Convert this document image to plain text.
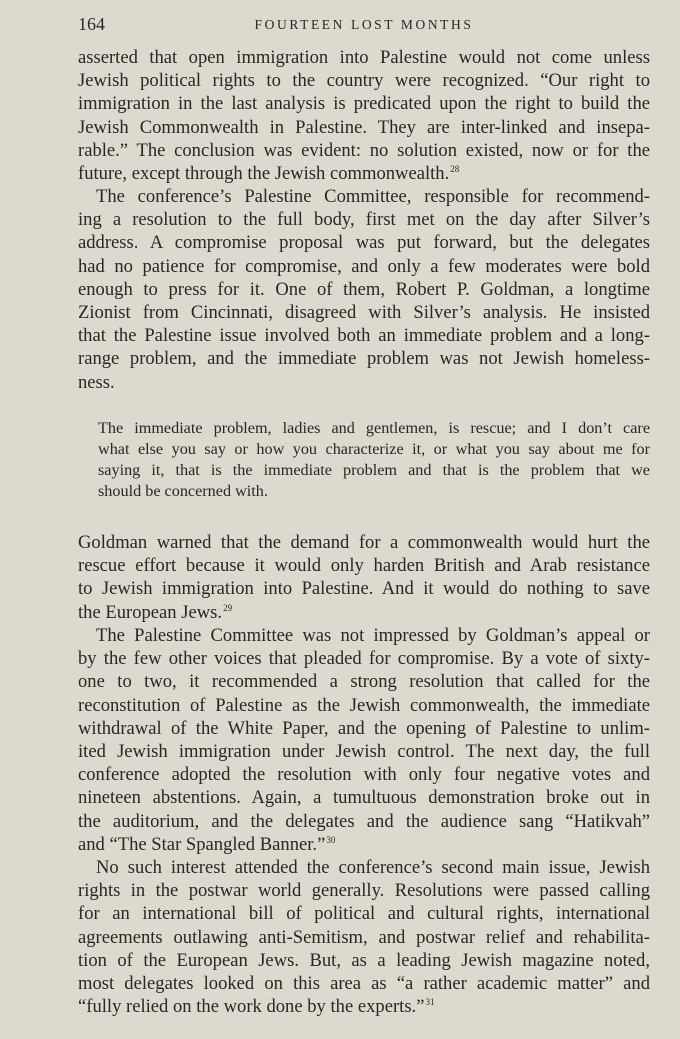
164	FOURTEEN LOST MONTHS
asserted that open immigration into Palestine would not come unless
Jewish political rights to the country were recognized. “Our right to
immigration in the last analysis is predicated upon the right to build the
Jewish Commonwealth in Palestine. They are inter-linked and insepa-
rable.” The conclusion was evident: no solution existed, now or for the
future, except through the Jewish commonwealth.$^{28}$
The conference’s Palestine Committee, responsible for recommend-
ing a resolution to the full body, first met on the day after Silver’s
address. A compromise proposal was put forward, but the delegates
had no patience for compromise, and only a few moderates were bold
enough to press for it. One of them, Robert P. Goldman, a longtime
Zionist from Cincinnati, disagreed with Silver’s analysis. He insisted
that the Palestine issue involved both an immediate problem and a long-
range problem, and the immediate problem was not Jewish homeless-
ness.
The immediate problem, ladies and gentlemen, is rescue; and I don’t care
what else you say or how you characterize it, or what you say about me for
saying it, that is the immediate problem and that is the problem that we
should be concerned with.
Goldman warned that the demand for a commonwealth would hurt the
rescue effort because it would only harden British and Arab resistance
to Jewish immigration into Palestine. And it would do nothing to save
the European Jews.$^{29}$
The Palestine Committee was not impressed by Goldman’s appeal or
by the few other voices that pleaded for compromise. By a vote of sixty-
one to two, it recommended a strong resolution that called for the
reconstitution of Palestine as the Jewish commonwealth, the immediate
withdrawal of the White Paper, and the opening of Palestine to unlim-
ited Jewish immigration under Jewish control. The next day, the full
conference adopted the resolution with only four negative votes and
nineteen abstentions. Again, a tumultuous demonstration broke out in
the auditorium, and the delegates and the audience sang “Hatikvah”
and “The Star Spangled Banner.”$^{30}$
No such interest attended the conference’s second main issue, Jewish
rights in the postwar world generally. Resolutions were passed calling
for an international bill of political and cultural rights, international
agreements outlawing anti-Semitism, and postwar relief and rehabilita-
tion of the European Jews. But, as a leading Jewish magazine noted,
most delegates looked on this area as “a rather academic matter” and
“fully relied on the work done by the experts.”$^{31}$
